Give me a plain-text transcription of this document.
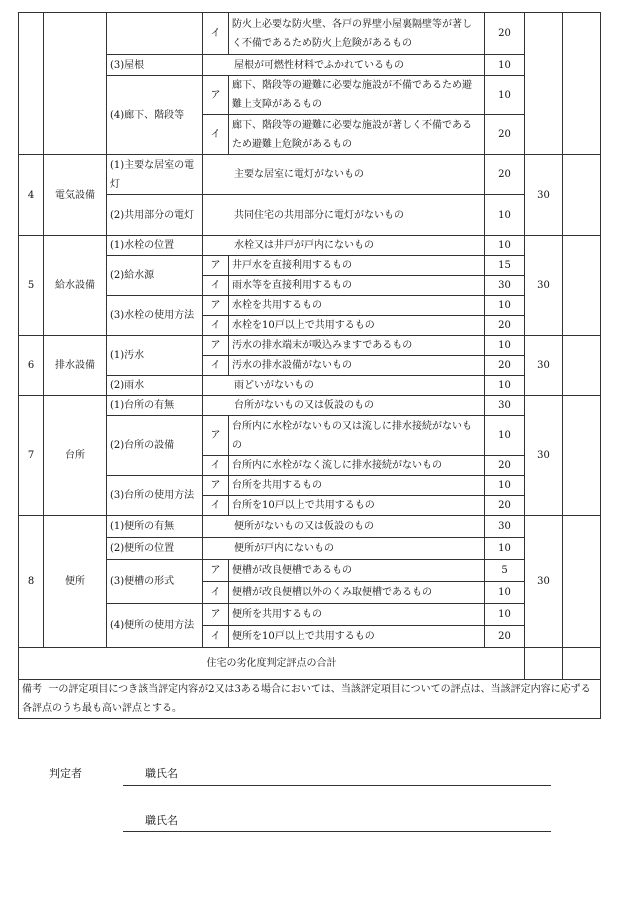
			イ	防火上必要な防火壁、各戸の界壁小屋裏隔壁等が著しく不備であるため防火上危険があるもの	20		
		(3)屋根	屋根が可燃性材料でふかれているもの		10		
		(4)廊下、階段等	ア	廊下、階段等の避難に必要な施設が不備であるため避難上支障があるもの	10		
			イ	廊下、階段等の避難に必要な施設が著しく不備であるため避難上危険があるもの	20		
4	電気設備	(1)主要な居室の電灯	主要な居室に電灯がないもの		20	30	
		(2)共用部分の電灯	共同住宅の共用部分に電灯がないもの		10		
5	給水設備	(1)水栓の位置	水栓又は井戸が戸内にないもの		10	30	
		(2)給水源	ア	井戸水を直接利用するもの	15		
			イ	雨水等を直接利用するもの	30		
		(3)水栓の使用方法	ア	水栓を共用するもの	10		
			イ	水栓を10戸以上で共用するもの	20		
6	排水設備	(1)汚水	ア	汚水の排水端末が吸込みますであるもの	10	30	
			イ	汚水の排水設備がないもの	20		
		(2)雨水	雨どいがないもの		10		
7	台所	(1)台所の有無	台所がないもの又は仮設のもの		30	30	
		(2)台所の設備	ア	台所内に水栓がないもの又は流しに排水接続がないもの	10		
			イ	台所内に水栓がなく流しに排水接続がないもの	20		
		(3)台所の使用方法	ア	台所を共用するもの	10		
			イ	台所を10戸以上で共用するもの	20		
8	便所	(1)便所の有無	便所がないもの又は仮設のもの		30	30	
		(2)便所の位置	便所が戸内にないもの		10		
		(3)便槽の形式	ア	便槽が改良便槽であるもの	5		
			イ	便槽が改良便槽以外のくみ取便槽であるもの	10		
		(4)便所の使用方法	ア	便所を共用するもの	10		
			イ	便所を10戸以上で共用するもの	20		
住宅の劣化度判定評点の合計							
備考 一の評定項目につき該当評定内容が2又は3ある場合においては、当該評定項目についての評点は、当該評定内容に応ずる各評点のうち最も高い評点とする。							
判定者	職氏名
職氏名
